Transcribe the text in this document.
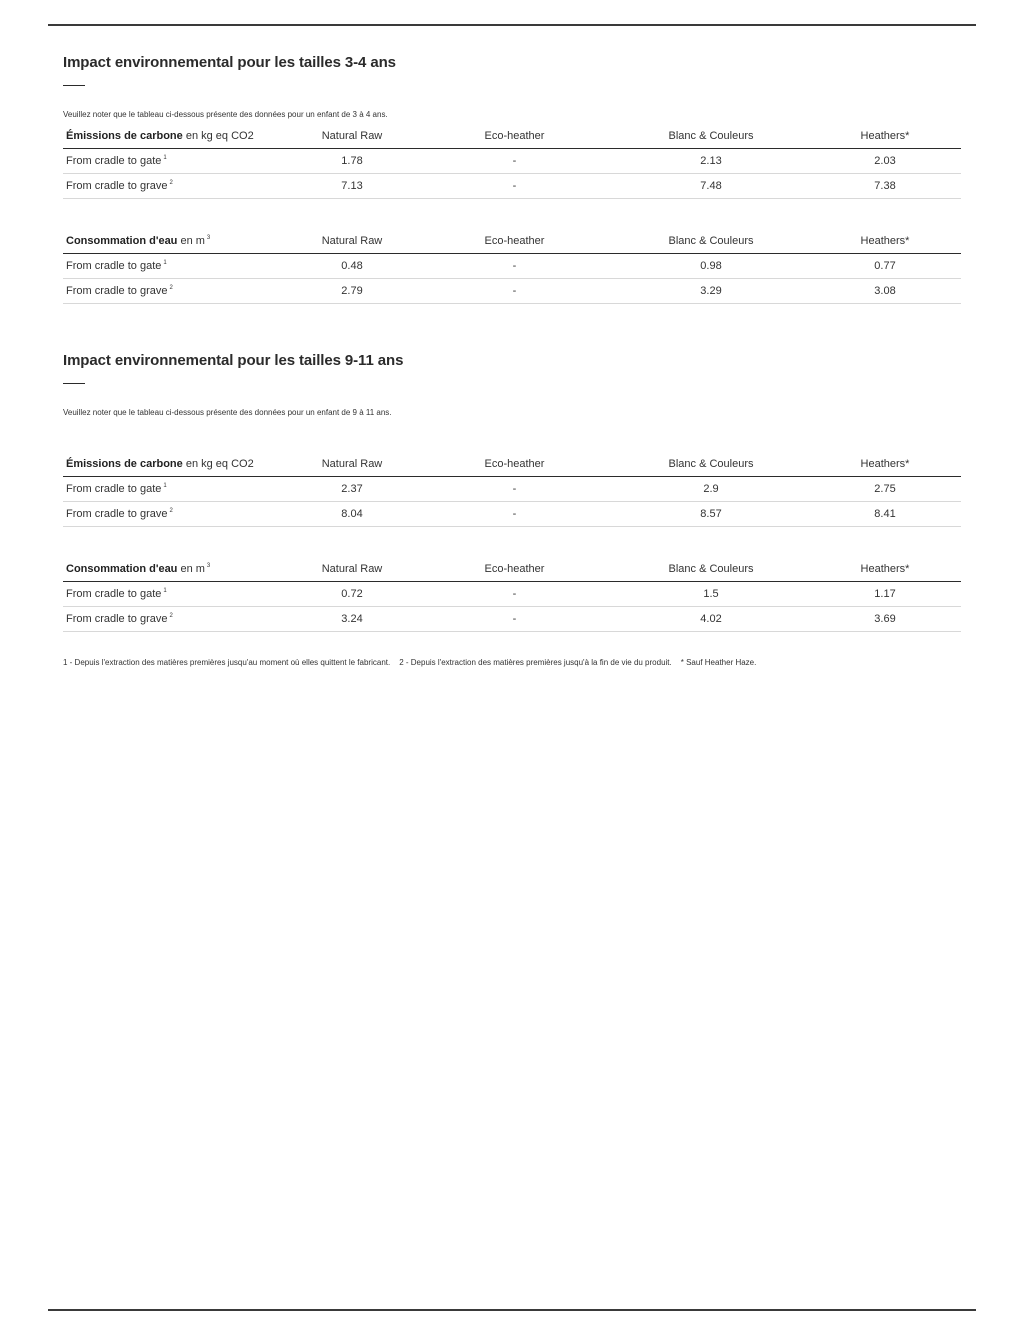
Impact environnemental pour les tailles 3-4 ans
Veuillez noter que le tableau ci-dessous présente des données pour un enfant de 3 à 4 ans.
Émissions de carbone en kg eq CO2	Natural Raw	Eco-heather	Blanc & Couleurs	Heathers*
From cradle to gate $^1$	1.78	-	2.13	2.03
From cradle to grave $^2$	7.13	-	7.48	7.38
Consommation d'eau en m $^3$	Natural Raw	Eco-heather	Blanc & Couleurs	Heathers*
From cradle to gate $^1$	0.48	-	0.98	0.77
From cradle to grave $^2$	2.79	-	3.29	3.08
Impact environnemental pour les tailles 9-11 ans
Veuillez noter que le tableau ci-dessous présente des données pour un enfant de 9 à 11 ans.
Émissions de carbone en kg eq CO2	Natural Raw	Eco-heather	Blanc & Couleurs	Heathers*
From cradle to gate $^1$	2.37	-	2.9	2.75
From cradle to grave $^2$	8.04	-	8.57	8.41
Consommation d'eau en m $^3$	Natural Raw	Eco-heather	Blanc & Couleurs	Heathers*
From cradle to gate $^1$	0.72	-	1.5	1.17
From cradle to grave $^2$	3.24	-	4.02	3.69
1 - Depuis l'extraction des matières premières jusqu'au moment où elles quittent le fabricant. 2 - Depuis l'extraction des matières premières jusqu'à la fin de vie du produit. * Sauf Heather Haze.
